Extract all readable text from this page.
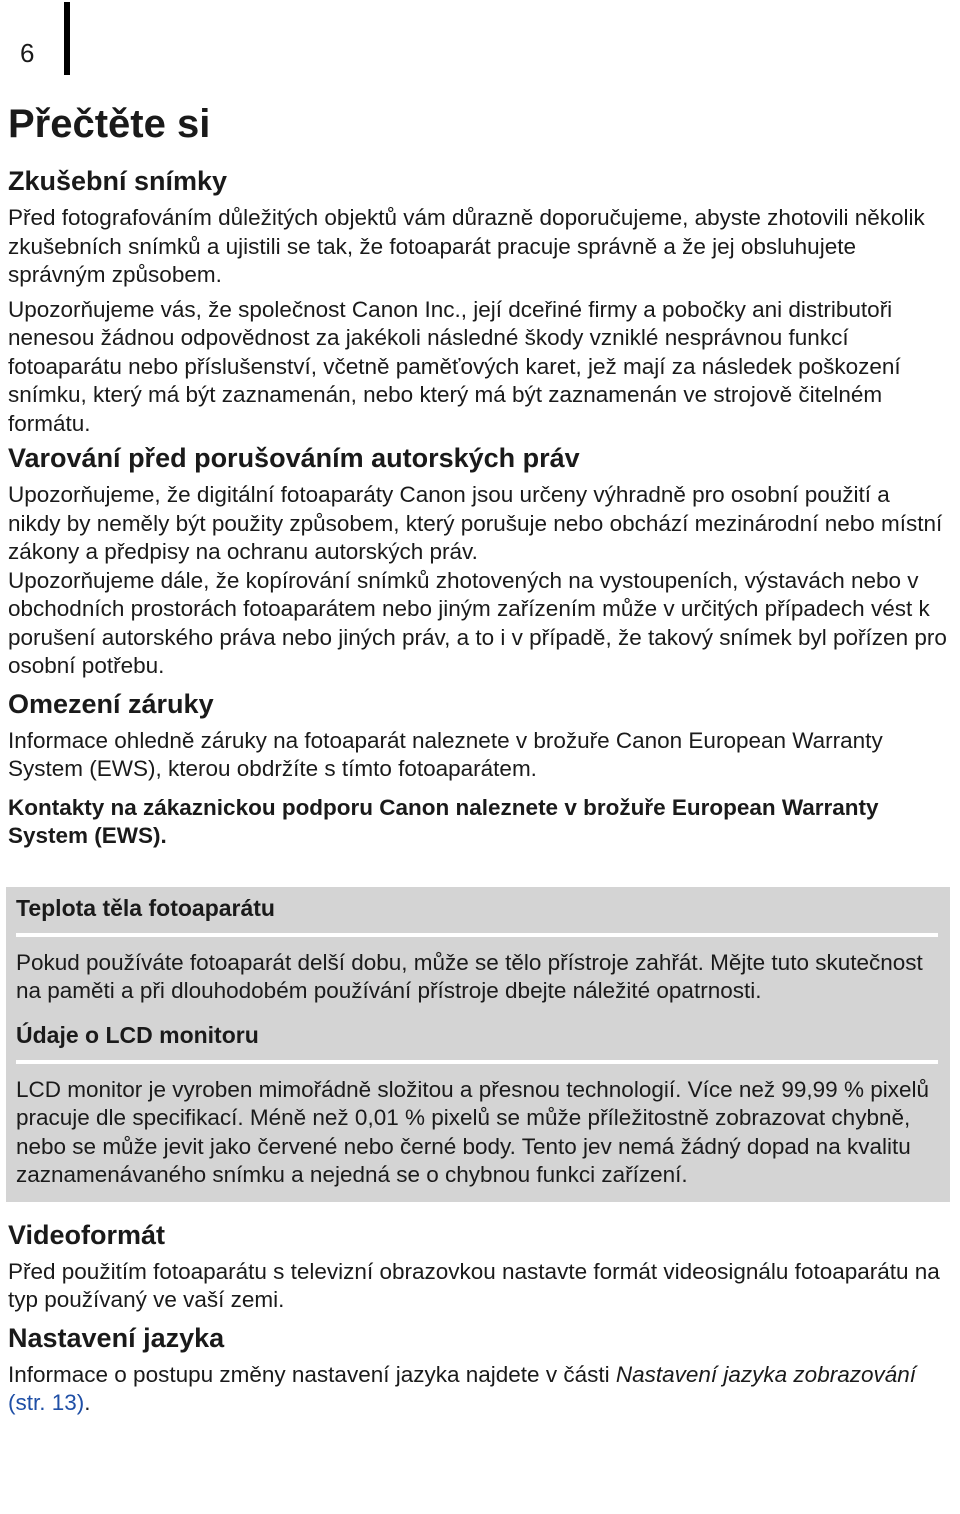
6
Přečtěte si
Zkušební snímky

Před fotografováním důležitých objektů vám důrazně doporučujeme, abyste zhotovili několik zkušebních snímků a ujistili se tak, že fotoaparát pracuje správně a že jej obsluhujete správným způsobem.

Upozorňujeme vás, že společnost Canon Inc., její dceřiné firmy a pobočky ani distributoři nenesou žádnou odpovědnost za jakékoli následné škody vzniklé nesprávnou funkcí fotoaparátu nebo příslušenství, včetně paměťových karet, jež mají za následek poškození snímku, který má být zaznamenán, nebo který má být zaznamenán ve strojově čitelném formátu.

Varování před porušováním autorských práv

Upozorňujeme, že digitální fotoaparáty Canon jsou určeny výhradně pro osobní použití a nikdy by neměly být použity způsobem, který porušuje nebo obchází mezinárodní nebo místní zákony a předpisy na ochranu autorských práv.

Upozorňujeme dále, že kopírování snímků zhotovených na vystoupeních, výstavách nebo v obchodních prostorách fotoaparátem nebo jiným zařízením může v určitých případech vést k porušení autorského práva nebo jiných práv, a to i v případě, že takový snímek byl pořízen pro osobní potřebu.

Omezení záruky

Informace ohledně záruky na fotoaparát naleznete v brožuře Canon European Warranty System (EWS), kterou obdržíte s tímto fotoaparátem.

Kontakty na zákaznickou podporu Canon naleznete v brožuře European Warranty System (EWS).

Teplota těla fotoaparátu

Pokud používáte fotoaparát delší dobu, může se tělo přístroje zahřát. Mějte tuto skutečnost na paměti a při dlouhodobém používání přístroje dbejte náležité opatrnosti.

Údaje o LCD monitoru

LCD monitor je vyroben mimořádně složitou a přesnou technologií. Více než 99,99 % pixelů pracuje dle specifikací. Méně než 0,01 % pixelů se může příležitostně zobrazovat chybně, nebo se může jevit jako červené nebo černé body. Tento jev nemá žádný dopad na kvalitu zaznamenávaného snímku a nejedná se o chybnou funkci zařízení.

Videoformát

Před použitím fotoaparátu s televizní obrazovkou nastavte formát videosignálu fotoaparátu na typ používaný ve vaší zemi.

Nastavení jazyka

Informace o postupu změny nastavení jazyka najdete v části Nastavení jazyka zobrazování (str. 13).
